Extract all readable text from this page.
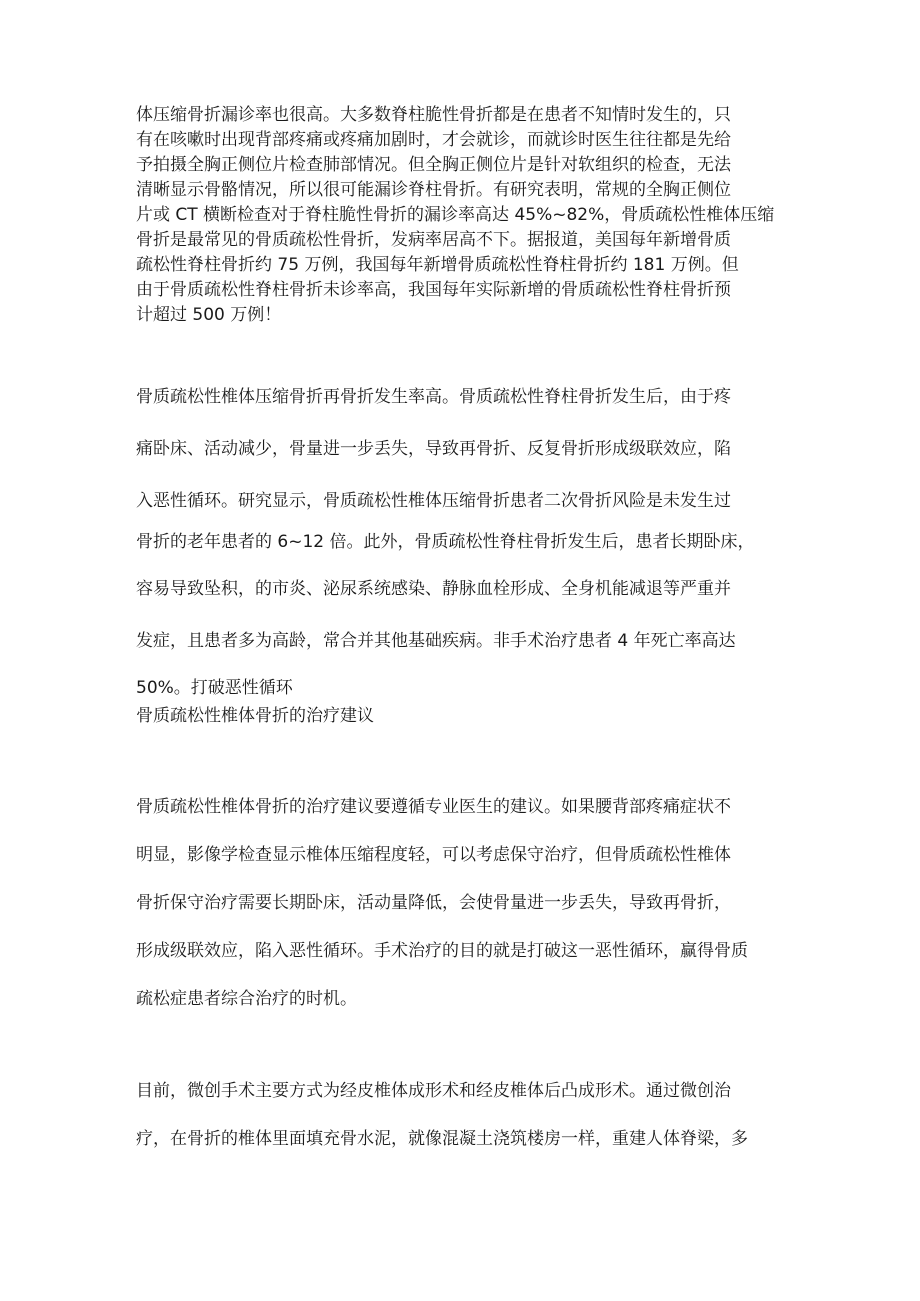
体压缩骨折漏诊率也很高。大多数脊柱脆性骨折都是在患者不知情时发生的，只
有在咳嗽时出现背部疼痛或疼痛加剧时，才会就诊，而就诊时医生往往都是先给
予拍摄全胸正侧位片检查肺部情况。但全胸正侧位片是针对软组织的检查，无法
清晰显示骨骼情况，所以很可能漏诊脊柱骨折。有研究表明，常规的全胸正侧位
片或 CT 横断检查对于脊柱脆性骨折的漏诊率高达 45%~82%，骨质疏松性椎体压缩
骨折是最常见的骨质疏松性骨折，发病率居高不下。据报道，美国每年新增骨质
疏松性脊柱骨折约 75 万例，我国每年新增骨质疏松性脊柱骨折约 181 万例。但
由于骨质疏松性脊柱骨折未诊率高，我国每年实际新增的骨质疏松性脊柱骨折预
计超过 500 万例！
骨质疏松性椎体压缩骨折再骨折发生率高。骨质疏松性脊柱骨折发生后，由于疼
痛卧床、活动减少，骨量进一步丢失，导致再骨折、反复骨折形成级联效应，陷
入恶性循环。研究显示，骨质疏松性椎体压缩骨折患者二次骨折风险是未发生过
骨折的老年患者的 6~12 倍。此外，骨质疏松性脊柱骨折发生后，患者长期卧床，
容易导致坠积，的市炎、泌尿系统感染、静脉血栓形成、全身机能减退等严重并
发症，且患者多为高龄，常合并其他基础疾病。非手术治疗患者 4 年死亡率高达
50%。打破恶性循环
骨质疏松性椎体骨折的治疗建议
骨质疏松性椎体骨折的治疗建议要遵循专业医生的建议。如果腰背部疼痛症状不
明显，影像学检查显示椎体压缩程度轻，可以考虑保守治疗，但骨质疏松性椎体
骨折保守治疗需要长期卧床，活动量降低，会使骨量进一步丢失，导致再骨折，
形成级联效应，陷入恶性循环。手术治疗的目的就是打破这一恶性循环，赢得骨质
疏松症患者综合治疗的时机。
目前，微创手术主要方式为经皮椎体成形术和经皮椎体后凸成形术。通过微创治
疗，在骨折的椎体里面填充骨水泥，就像混凝土浇筑楼房一样，重建人体脊梁，多
